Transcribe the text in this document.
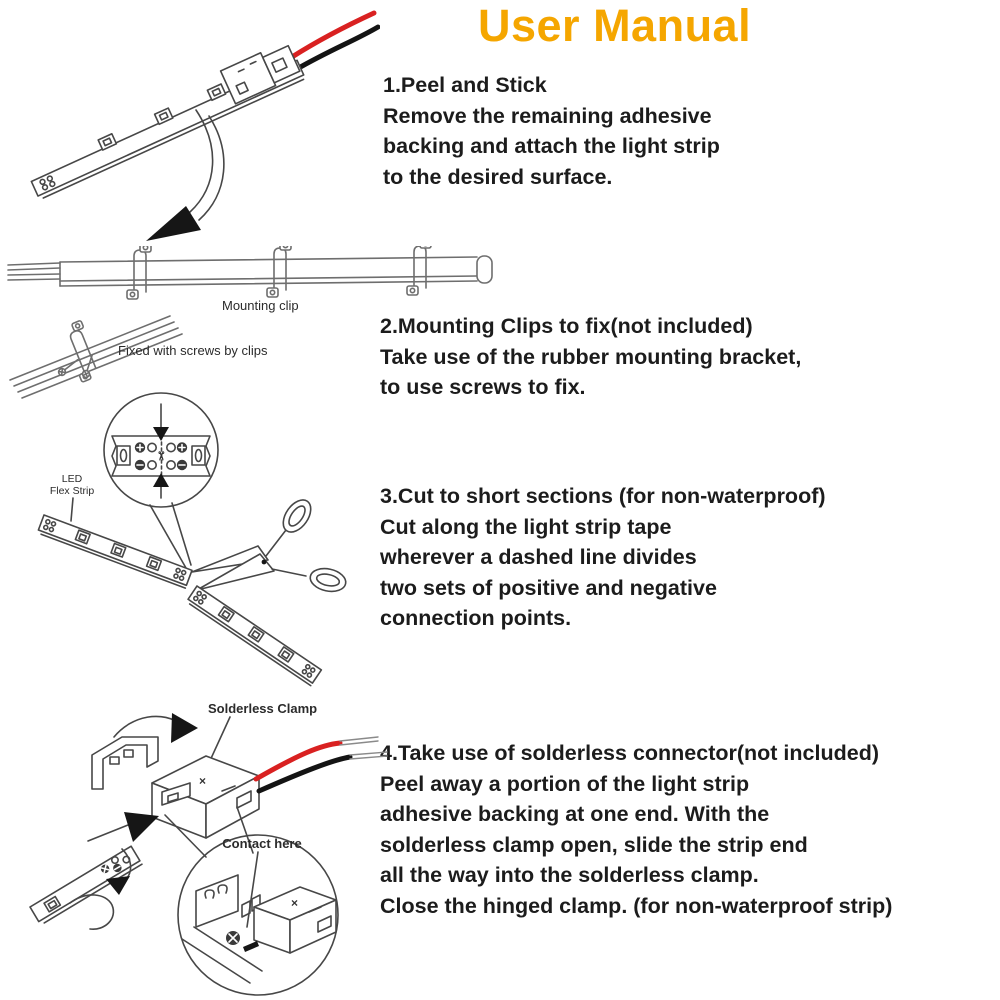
User Manual
1.Peel and Stick
Remove the remaining adhesive
backing and attach the light strip
to the desired surface.
2.Mounting Clips to fix(not included)
Take use of the rubber mounting bracket,
to use screws to fix.
3.Cut to short sections (for non-waterproof)
Cut along the light strip tape
wherever a dashed line divides
two sets of positive and negative
connection points.
4.Take use of solderless connector(not included)
Peel away a portion of the light strip
adhesive backing at one end. With the
solderless clamp open, slide the strip end
all the way into the solderless clamp.
Close the hinged clamp. (for non-waterproof strip)
Mounting clip
Fixed with screws by clips
✂
LED
Flex Strip
Solderless Clamp
×
×
Contact here
